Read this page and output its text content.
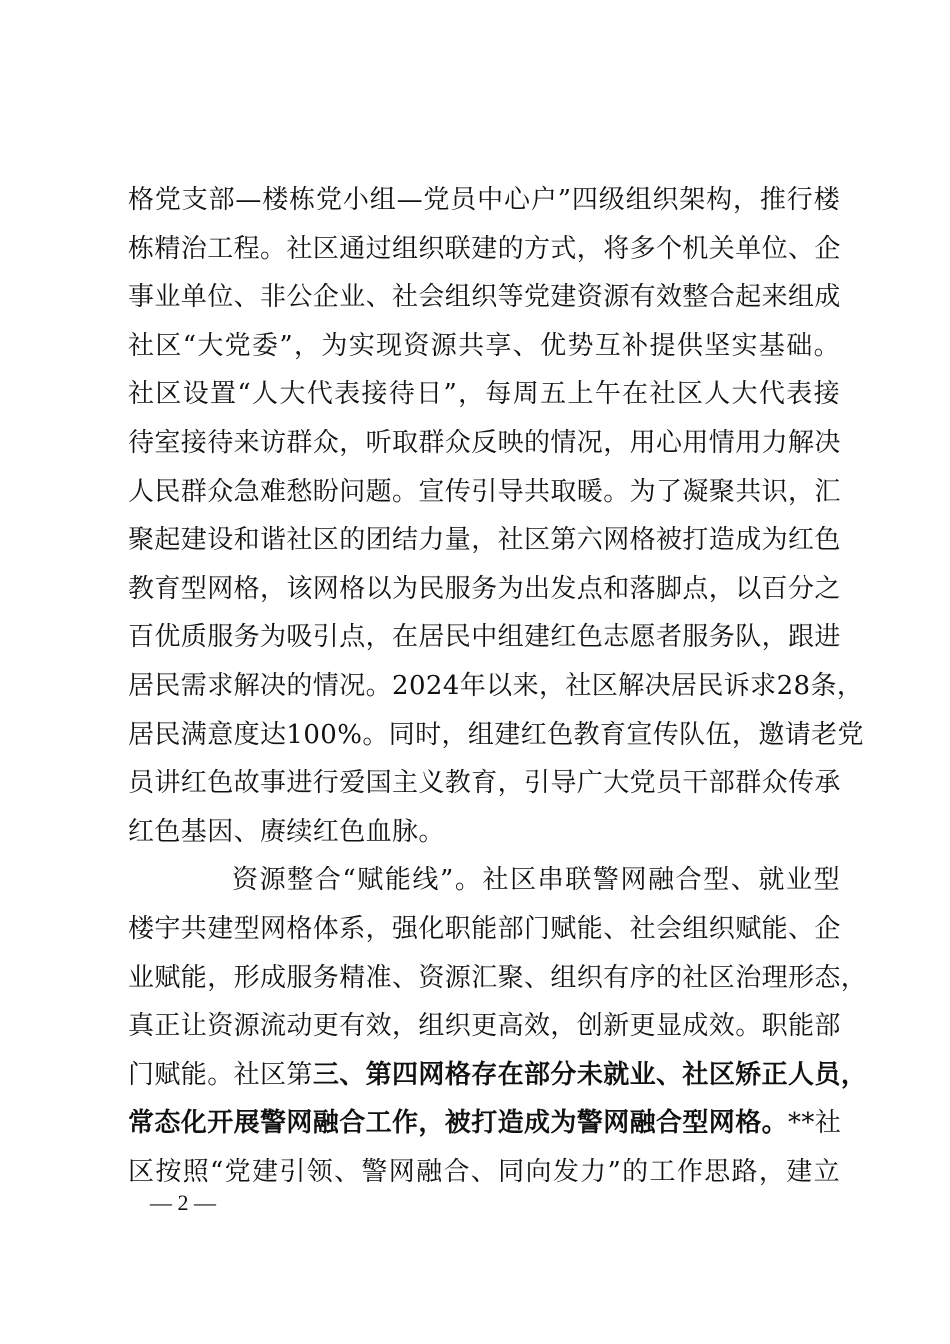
格党支部—楼栋党小组—党员中心户”四级组织架构，推行楼
栋精治工程。社区通过组织联建的方式，将多个机关单位、企
事业单位、非公企业、社会组织等党建资源有效整合起来组成
社区“大党委”，为实现资源共享、优势互补提供坚实基础。
社区设置“人大代表接待日”，每周五上午在社区人大代表接
待室接待来访群众，听取群众反映的情况，用心用情用力解决
人民群众急难愁盼问题。宣传引导共取暖。为了凝聚共识，汇
聚起建设和谐社区的团结力量，社区第六网格被打造成为红色
教育型网格，该网格以为民服务为出发点和落脚点，以百分之
百优质服务为吸引点，在居民中组建红色志愿者服务队，跟进
居民需求解决的情况。2024年以来，社区解决居民诉求28条，
居民满意度达100%。同时，组建红色教育宣传队伍，邀请老党
员讲红色故事进行爱国主义教育，引导广大党员干部群众传承
红色基因、赓续红色血脉。
资源整合“赋能线”。社区串联警网融合型、就业型
楼宇共建型网格体系，强化职能部门赋能、社会组织赋能、企
业赋能，形成服务精准、资源汇聚、组织有序的社区治理形态，
真正让资源流动更有效，组织更高效，创新更显成效。职能部
门赋能。社区第三、第四网格存在部分未就业、社区矫正人员，
常态化开展警网融合工作，被打造成为警网融合型网格。**社
区按照“党建引领、警网融合、同向发力”的工作思路，建立
— 2 —
